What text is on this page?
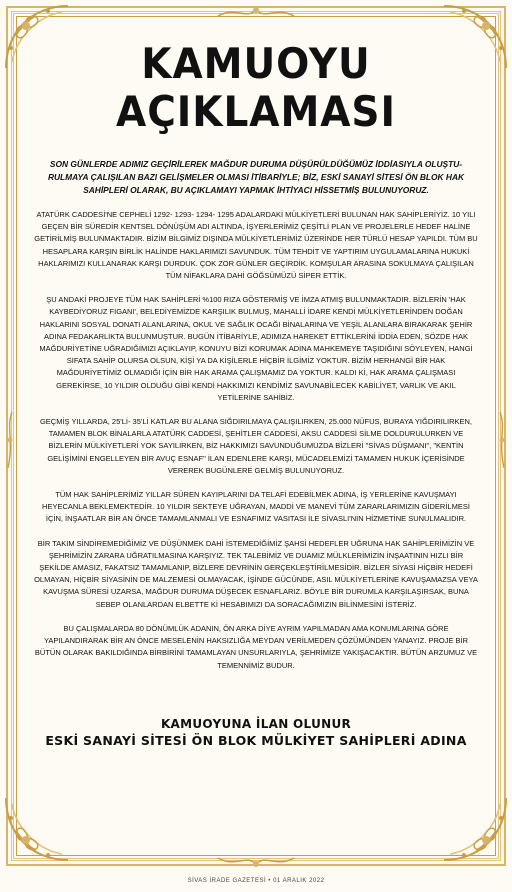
KAMUOYU
AÇIKLAMASI

SON GÜNLERDE ADIMIZ GEÇİRİLEREK MAĞDUR DURUMA DÜŞÜRÜLDÜĞÜMÜZ İDDİASIYLA OLUŞTU-RULMAYA ÇALIŞILAN BAZI GELİŞMELER OLMASI İTİBARİYLE; BİZ, ESKİ SANAYİ SİTESİ ÖN BLOK HAK SAHİPLERİ OLARAK, BU AÇIKLAMAYI YAPMAK İHTİYACI HİSSETMİŞ BULUNUYORUZ.

ATATÜRK CADDESİ'NE CEPHELİ 1292- 1293- 1294- 1295 ADALARDAKİ MÜLKİYETLERİ BULUNAN HAK SAHİPLERİYİZ. 10 YILI GEÇEN BİR SÜREDİR KENTSEL DÖNÜŞÜM ADI ALTINDA, İŞYERLERİMİZ ÇEŞİTLİ PLAN VE PROJELERLE HEDEF HALİNE GETİRİLMİŞ BULUNMAKTADIR. BİZİM BİLGİMİZ DIŞINDA MÜLKİYETLERİMİZ ÜZERİNDE HER TÜRLÜ HESAP YAPILDI. TÜM BU HESAPLARA KARŞIN BİRLİK HALİNDE HAKLARIMIZI SAVUNDUK. TÜM TEHDİT VE YAPTIRIM UYGULAMALARINA HUKUKİ HAKLARIMIZI KULLANARAK KARŞI DURDUK. ÇOK ZOR GÜNLER GEÇİRDİK. KOMŞULAR ARASINA SOKULMAYA ÇALIŞILAN TÜM NİFAKLARA DAHİ GÖĞSÜMÜZÜ SİPER ETTİK.

ŞU ANDAKİ PROJEYE TÜM HAK SAHİPLERİ %100 RIZA GÖSTERMİŞ VE İMZA ATMIŞ BULUNMAKTADIR. BİZLERİN 'HAK KAYBEDİYORUZ FIGANI', BELEDİYEMİZDE KARŞILIK BULMUŞ, MAHALLİ İDARE KENDİ MÜLKİYETLERİNDEN DOĞAN HAKLARINI SOSYAL DONATI ALANLARINA, OKUL VE SAĞLIK OCAĞI BİNALARINA VE YEŞİL ALANLARA BIRAKARAK ŞEHİR ADINA FEDAKARLIKTA BULUNMUŞTUR. BUGÜN İTİBARİYLE, ADIMIZA HAREKET ETTİKLERİNİ İDDİA EDEN, SÖZDE HAK MAĞDURİYETİNE UĞRADIĞIMIZI AÇIKLAYIP, KONUYU BİZİ KORUMAK ADINA MAHKEMEYE TAŞIDIĞINI SÖYLEYEN, HANGİ SIFATA SAHİP OLURSA OLSUN, KİŞİ YA DA KİŞİLERLE HİÇBİR İLGİMİZ YOKTUR. BİZİM HERHANGİ BİR HAK MAĞDURİYETİMİZ OLMADIĞI İÇİN BİR HAK ARAMA ÇALIŞMAMIZ DA YOKTUR. KALDI Kİ, HAK ARAMA ÇALIŞMASI GEREKİRSE, 10 YILDIR OLDUĞU GİBİ KENDİ HAKKIMIZI KENDİMİZ SAVUNABİLECEK KABİLİYET, VARLIK VE AKIL YETİLERİNE SAHİBİZ.

GEÇMİŞ YILLARDA, 25'Lİ- 35'Lİ KATLAR BU ALANA SIĞDIRILMAYA ÇALIŞILIRKEN, 25.000 NÜFUS, BURAYA YIĞDIRILIRKEN, TAMAMEN BLOK BİNALARLA ATATÜRK CADDESİ, ŞEHİTLER CADDESİ, AKSU CADDESİ SİLME DOLDURULURKEN VE BİZLERİN MÜLKİYETLERİ YOK SAYILIRKEN, BİZ HAKKIMIZI SAVUNDUĞUMUZDA BİZLERİ "SİVAS DÜŞMANI", "KENTİN GELİŞİMİNİ ENGELLEYEN BİR AVUÇ ESNAF" İLAN EDENLERE KARŞI, MÜCADELEMİZİ TAMAMEN HUKUK İÇERİSİNDE VEREREK BUGÜNLERE GELMİŞ BULUNUYORUZ.

TÜM HAK SAHİPLERİMİZ YILLAR SÜREN KAYIPLARINI DA TELAFİ EDEBİLMEK ADINA, İŞ YERLERİNE KAVUŞMAYI HEYECANLA BEKLEMEKTEDİR. 10 YILDIR SEKTEYE UĞRAYAN, MADDİ VE MANEVİ TÜM ZARARLARIMIZIN GİDERİLMESİ İÇİN, İNŞAATLAR BİR AN ÖNCE TAMAMLANMALI VE ESNAFIMIZ VASITASI İLE SİVASLI'NIN HİZMETİNE SUNULMALIDIR.

BİR TAKIM SİNDİREMEDİĞİMİZ VE DÜŞÜNMEK DAHİ İSTEMEDİĞİMİZ ŞAHSİ HEDEFLER UĞRUNA HAK SAHİPLERİMİZİN VE ŞEHRİMİZİN ZARARA UĞRATILMASINA KARŞIYIZ. TEK TALEBİMİZ VE DUAMIZ MÜLKLERİMİZİN İNŞAATININ HIZLI BİR ŞEKİLDE AMASIZ, FAKATSIZ TAMAMLANIP, BİZLERE DEVRİNİN GERÇEKLEŞTİRİLMESİDİR. BİZLER SİYASİ HİÇBİR HEDEFİ OLMAYAN, HİÇBİR SİYASİNİN DE MALZEMESİ OLMAYACAK, İŞİNDE GÜCÜNDE, ASIL MÜLKİYETLERİNE KAVUŞAMAZSA VEYA KAVUŞMA SÜRESİ UZARSA, MAĞDUR DURUMA DÜŞECEK ESNAFLARIZ. BÖYLE BİR DURUMLA KARŞILAŞIRSAK, BUNA SEBEP OLANLARDAN ELBETTE Kİ HESABIMIZI DA SORACAĞIMIZIN BİLİNMESİNİ İSTERİZ.

BU ÇALIŞMALARDA 80 DÖNÜMLÜK ADANIN, ÖN ARKA DİYE AYRIM YAPILMADAN AMA KONUMLARINA GÖRE YAPILANDIRARAK BİR AN ÖNCE MESELENİN HAKSIZLIĞA MEYDAN VERİLMEDEN ÇÖZÜMÜNDEN YANAYIZ. PROJE BİR BÜTÜN OLARAK BAKILDIĞINDA BİRBİRİNİ TAMAMLAYAN UNSURLARIYLA, ŞEHRİMİZE YAKIŞACAKTIR. BÜTÜN ARZUMUZ VE TEMENNİMİZ BUDUR.

KAMUOYUNA İLAN OLUNUR
ESKİ SANAYİ SİTESİ ÖN BLOK MÜLKİYET SAHİPLERİ ADINA
SİVAS İRADE GAZETESİ • 01 ARALIK 2022
